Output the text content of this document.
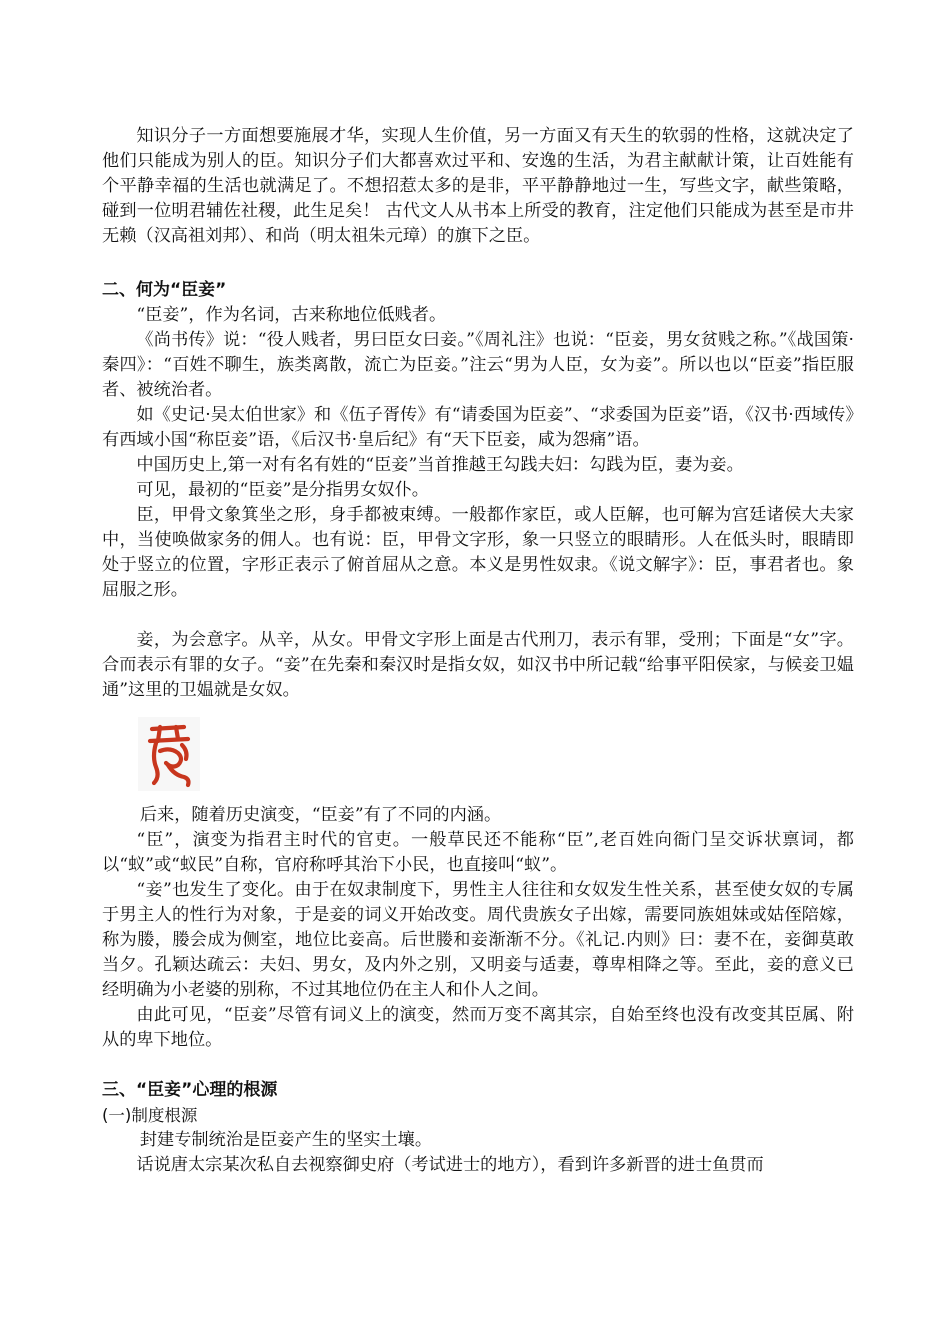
知识分子一方面想要施展才华，实现人生价值，另一方面又有天生的软弱的性格，这就决定了他们只能成为别人的臣。知识分子们大都喜欢过平和、安逸的生活，为君主献献计策，让百姓能有个平静幸福的生活也就满足了。不想招惹太多的是非，平平静静地过一生，写些文字，献些策略，碰到一位明君辅佐社稷，此生足矣！ 古代文人从书本上所受的教育，注定他们只能成为甚至是市井无赖（汉高祖刘邦）、和尚（明太祖朱元璋）的旗下之臣。

二、何为“臣妾”

“臣妾”，作为名词，古来称地位低贱者。

《尚书传》说：“役人贱者，男曰臣女曰妾。”《周礼注》也说：“臣妾，男女贫贱之称。”《战国策·秦四》：“百姓不聊生，族类离散，流亡为臣妾。”注云“男为人臣，女为妾”。所以也以“臣妾”指臣服者、被统治者。

如《史记·吴太伯世家》和《伍子胥传》有“请委国为臣妾”、“求委国为臣妾”语，《汉书·西域传》有西域小国“称臣妾”语，《后汉书·皇后纪》有“天下臣妾，咸为怨痛”语。

中国历史上,第一对有名有姓的“臣妾”当首推越王勾践夫妇：勾践为臣，妻为妾。

可见，最初的“臣妾”是分指男女奴仆。

臣，甲骨文象箕坐之形，身手都被束缚。一般都作家臣，或人臣解，也可解为宫廷诸侯大夫家中，当使唤做家务的佣人。也有说：臣，甲骨文字形，象一只竖立的眼睛形。人在低头时，眼睛即处于竖立的位置，字形正表示了俯首屈从之意。本义是男性奴隶。《说文解字》：臣，事君者也。象屈服之形。

妾，为会意字。从辛，从女。甲骨文字形上面是古代刑刀，表示有罪，受刑；下面是“女”字。合而表示有罪的女子。“妾”在先秦和秦汉时是指女奴，如汉书中所记载“给事平阳侯家，与候妾卫媪通”这里的卫媪就是女奴。

后来，随着历史演变，“臣妾”有了不同的内涵。

“臣”，演变为指君主时代的官吏。一般草民还不能称“臣”,老百姓向衙门呈交诉状禀词，都以“蚁”或“蚁民”自称，官府称呼其治下小民，也直接叫“蚁”。

“妾”也发生了变化。由于在奴隶制度下，男性主人往往和女奴发生性关系，甚至使女奴的专属于男主人的性行为对象，于是妾的词义开始改变。周代贵族女子出嫁，需要同族姐妹或姑侄陪嫁，称为媵，媵会成为侧室，地位比妾高。后世媵和妾渐渐不分。《礼记.内则》曰：妻不在，妾御莫敢当夕。孔颖达疏云：夫妇、男女，及内外之别，又明妾与适妻，尊卑相降之等。至此，妾的意义已经明确为小老婆的别称，不过其地位仍在主人和仆人之间。

由此可见，“臣妾”尽管有词义上的演变，然而万变不离其宗，自始至终也没有改变其臣属、附从的卑下地位。

三、“臣妾”心理的根源

(一)制度根源

封建专制统治是臣妾产生的坚实土壤。

话说唐太宗某次私自去视察御史府（考试进士的地方），看到许多新晋的进士鱼贯而
